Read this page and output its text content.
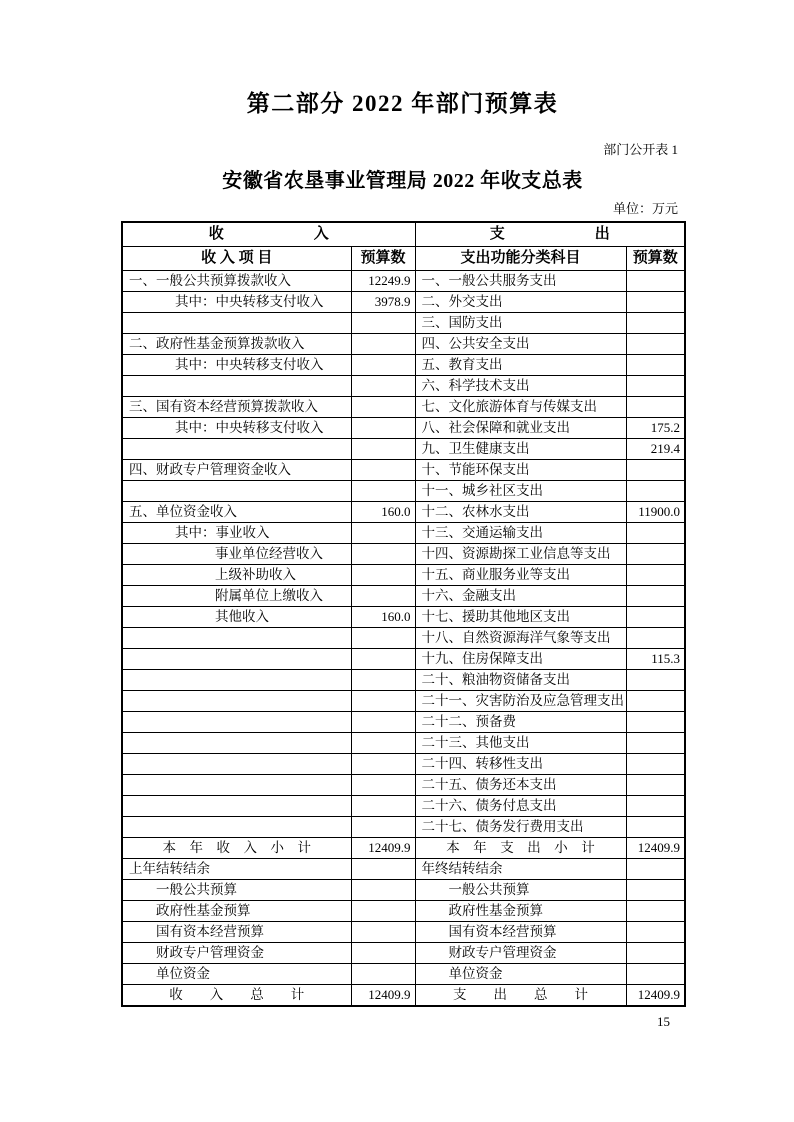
第二部分 2022 年部门预算表
部门公开表 1
安徽省农垦事业管理局 2022 年收支总表
单位：万元
收　　　　　　入		支　　　　　　出	
收 入 项 目	预算数	支出功能分类科目	预算数
一、一般公共预算拨款收入	12249.9	一、一般公共服务支出	
其中：中央转移支付收入	3978.9	二、外交支出	
		三、国防支出	
二、政府性基金预算拨款收入		四、公共安全支出	
其中：中央转移支付收入		五、教育支出	
		六、科学技术支出	
三、国有资本经营预算拨款收入		七、文化旅游体育与传媒支出	
其中：中央转移支付收入		八、社会保障和就业支出	175.2
		九、卫生健康支出	219.4
四、财政专户管理资金收入		十、节能环保支出	
		十一、城乡社区支出	
五、单位资金收入	160.0	十二、农林水支出	11900.0
其中：事业收入		十三、交通运输支出	
事业单位经营收入		十四、资源勘探工业信息等支出	
上级补助收入		十五、商业服务业等支出	
附属单位上缴收入		十六、金融支出	
其他收入	160.0	十七、援助其他地区支出	
		十八、自然资源海洋气象等支出	
		十九、住房保障支出	115.3
		二十、粮油物资储备支出	
		二十一、灾害防治及应急管理支出	
		二十二、预备费	
		二十三、其他支出	
		二十四、转移性支出	
		二十五、债务还本支出	
		二十六、债务付息支出	
		二十七、债务发行费用支出	
本　年　收　入　小　计	12409.9	本　年　支　出　小　计	12409.9
上年结转结余		年终结转结余	
一般公共预算		一般公共预算	
政府性基金预算		政府性基金预算	
国有资本经营预算		国有资本经营预算	
财政专户管理资金		财政专户管理资金	
单位资金		单位资金	
收　　入　　总　　计	12409.9	支　　出　　总　　计	12409.9
15
